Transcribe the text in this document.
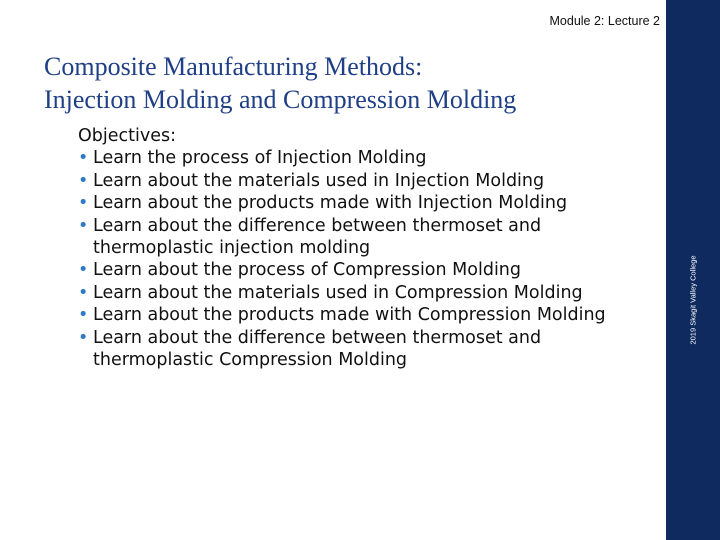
Module 2: Lecture 2
Composite Manufacturing Methods:
Injection Molding and Compression Molding
Objectives:
• Learn the process of Injection Molding
• Learn about the materials used in Injection Molding
• Learn about the products made with Injection Molding
• Learn about the difference between thermoset and thermoplastic injection molding
• Learn about the process of Compression Molding
• Learn about the materials used in Compression Molding
• Learn about the products made with Compression Molding
• Learn about the difference between thermoset and thermoplastic Compression Molding
2019 Skagit Valley College
